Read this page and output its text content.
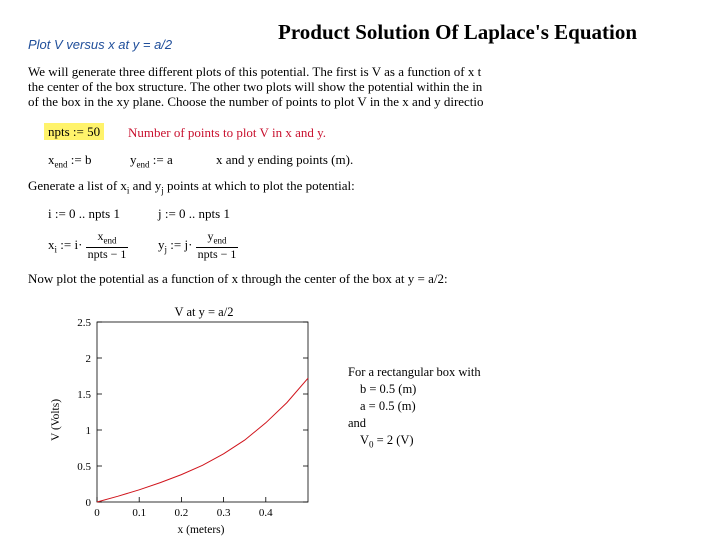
Plot V versus x at y = a/2
Product Solution Of Laplace's Equation
We will generate three different plots of this potential. The first is V as a function of x t
the center of the box structure. The other two plots will show the potential within the in
of the box in the xy plane. Choose the number of points to plot V in the x and y directio
npts := 50	Number of points to plot V in x and y.
$x_{end}$ := b	$y_{end}$ := a	x and y ending points (m).
Generate a list of $x_i$ and $y_j$ points at which to plot the potential:
i := 0 .. npts 1	j := 0 .. npts 1
$x_i$ := $i\cdot \frac{x_{end}}{\text{npts − 1}} y_j$ := $j\cdot \frac{y_{end}}{\text{npts − 1}}$
Now plot the potential as a function of x through the center of the box at y = a/2:
V at y = a/2
0
0.5
1
1.5
2
2.5
0	0.1	0.2	0.3	0.4
x (meters)
V (Volts)
For a rectangular box with
b = 0.5 (m)
a = 0.5 (m)
and
$V_0 = 2$ (V)
